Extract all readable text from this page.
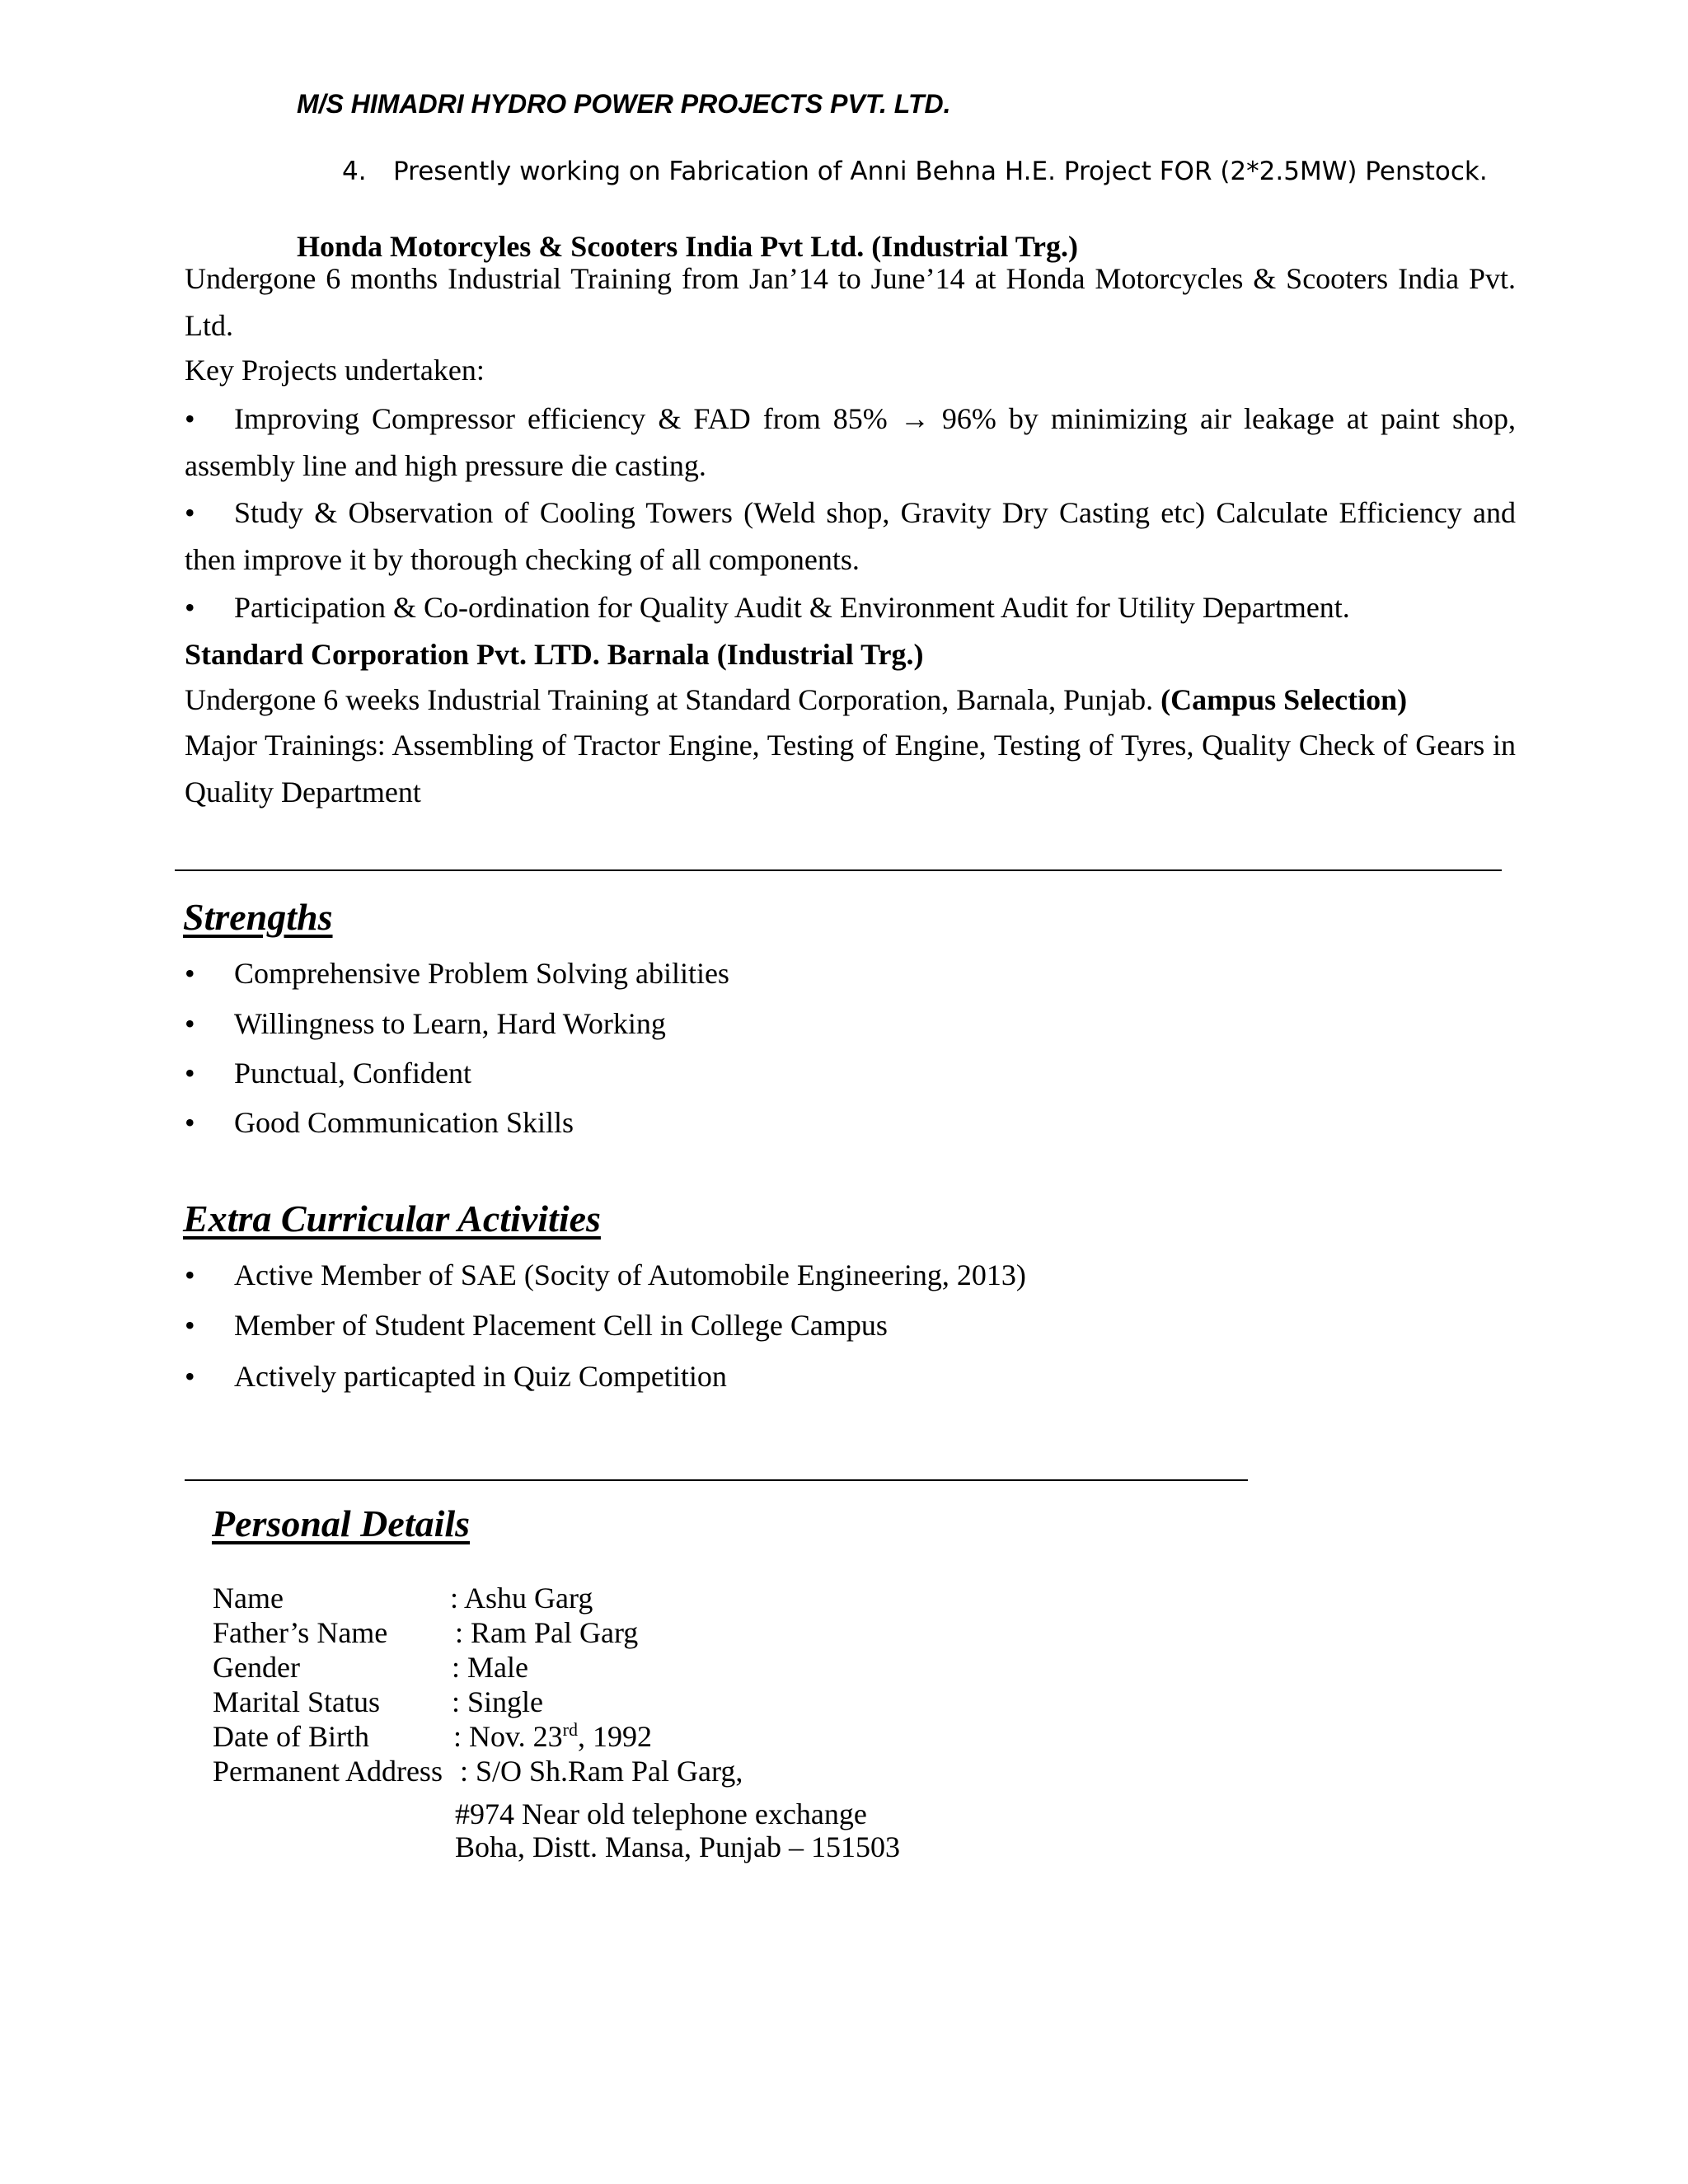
M/S HIMADRI HYDRO POWER PROJECTS PVT. LTD.
4. Presently working on Fabrication of Anni Behna H.E. Project FOR (2*2.5MW) Penstock.
Honda Motorcyles & Scooters India Pvt Ltd. (Industrial Trg.)
Undergone 6 months Industrial Training from Jan’14 to June’14 at Honda Motorcycles & Scooters India Pvt. Ltd.
Key Projects undertaken:
• Improving Compressor efficiency & FAD from 85% → 96% by minimizing air leakage at paint shop, assembly line and high pressure die casting.
• Study & Observation of Cooling Towers (Weld shop, Gravity Dry Casting etc) Calculate Efficiency and then improve it by thorough checking of all components.
• Participation & Co-ordination for Quality Audit & Environment Audit for Utility Department.
Standard Corporation Pvt. LTD. Barnala (Industrial Trg.)
Undergone 6 weeks Industrial Training at Standard Corporation, Barnala, Punjab. (Campus Selection)
Major Trainings: Assembling of Tractor Engine, Testing of Engine, Testing of Tyres, Quality Check of Gears in Quality Department
Strengths
• Comprehensive Problem Solving abilities
• Willingness to Learn, Hard Working
• Punctual, Confident
• Good Communication Skills
Extra Curricular Activities
• Active Member of SAE (Socity of Automobile Engineering, 2013)
• Member of Student Placement Cell in College Campus
• Actively particapted in Quiz Competition
Personal Details
Name	: Ashu Garg
Father’s Name : Ram Pal Garg
Gender	: Male
Marital Status : Single
Date of Birth	: Nov. 23rd, 1992
Permanent Address : S/O Sh.Ram Pal Garg,
#974 Near old telephone exchange
Boha, Distt. Mansa, Punjab – 151503
